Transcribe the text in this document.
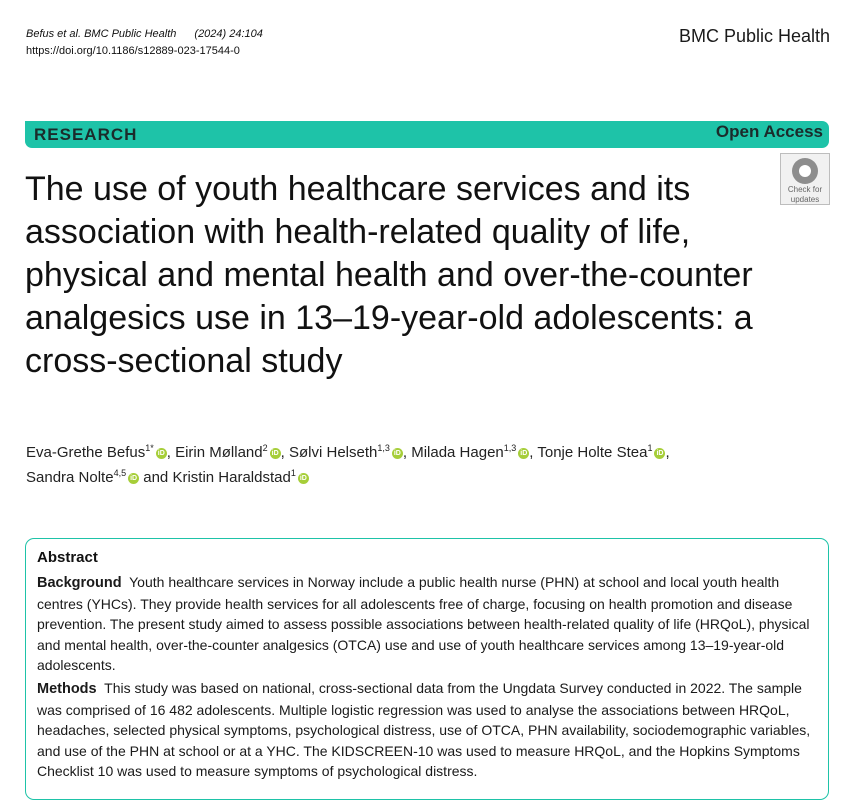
Befus et al. BMC Public Health (2024) 24:104
https://doi.org/10.1186/s12889-023-17544-0
BMC Public Health
RESEARCH	Open Access
Check for
updates
The use of youth healthcare services and its association with health-related quality of life, physical and mental health and over-the-counter analgesics use in 13–19-year-old adolescents: a cross-sectional study
Eva-Grethe Befus$^{1*}$iD , Eirin Mølland$^2$iD , Sølvi Helseth$^{1,3}$iD , Milada Hagen$^{1,3}$iD , Tonje Holte Stea$^1$iD ,
Sandra Nolte$^{4,5}$iD and Kristin Haraldstad$^1$iD
Abstract

Background Youth healthcare services in Norway include a public health nurse (PHN) at school and local youth health centres (YHCs). They provide health services for all adolescents free of charge, focusing on health promotion and disease prevention. The present study aimed to assess possible associations between health-related quality of life (HRQoL), physical and mental health, over-the-counter analgesics (OTCA) use and use of youth healthcare services among 13–19-year-old adolescents.

Methods This study was based on national, cross-sectional data from the Ungdata Survey conducted in 2022. The sample was comprised of 16 482 adolescents. Multiple logistic regression was used to analyse the associations between HRQoL, headaches, selected physical symptoms, psychological distress, use of OTCA, PHN availability, sociodemographic variables, and use of the PHN at school or at a YHC. The KIDSCREEN-10 was used to measure HRQoL, and the Hopkins Symptoms Checklist 10 was used to measure symptoms of psychological distress.
